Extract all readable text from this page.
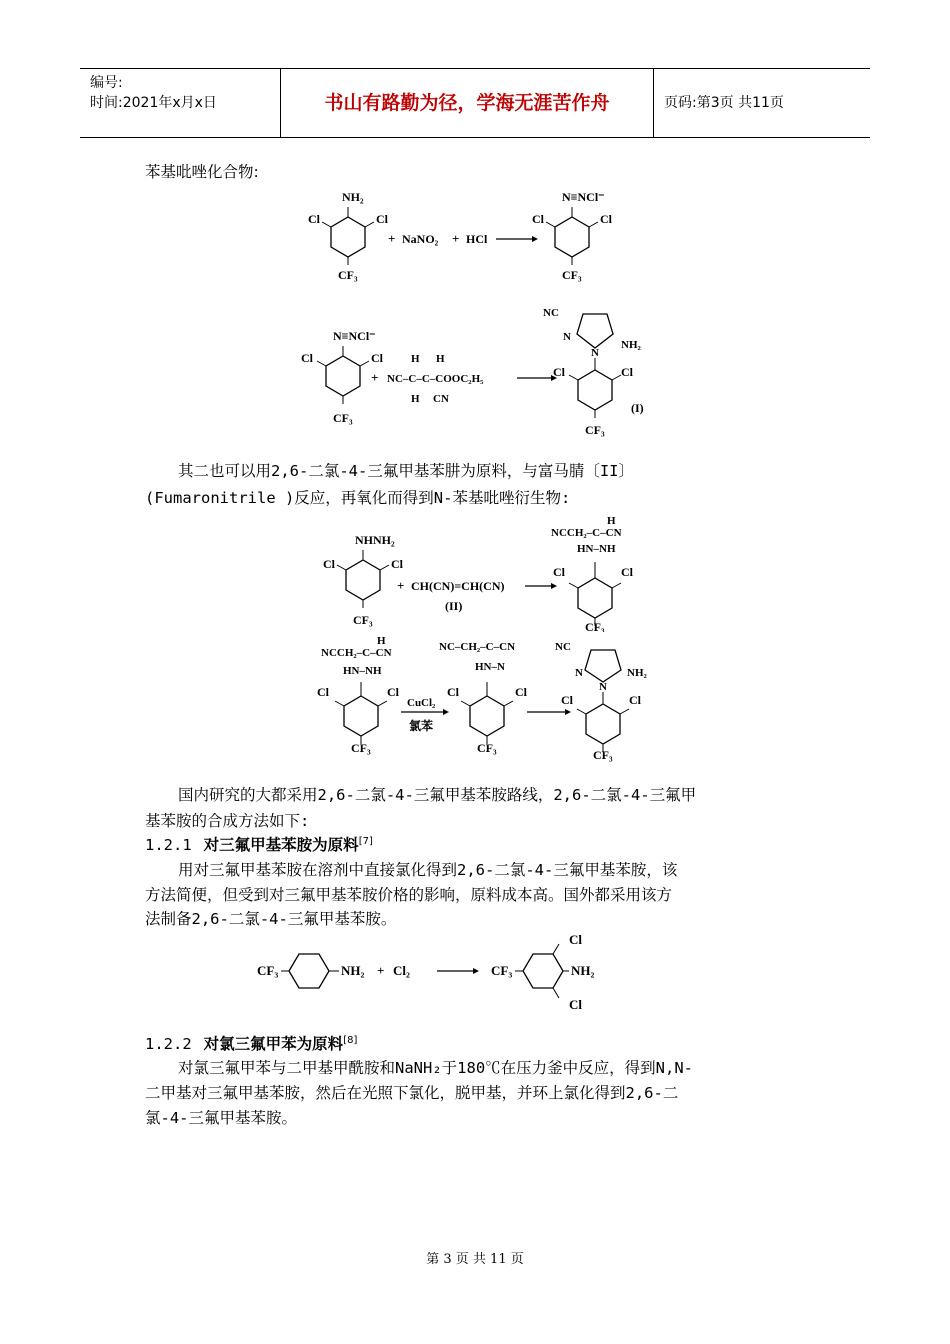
编号:
时间:2021年x月x日	书山有路勤为径，学海无涯苦作舟	页码:第3页 共11页
苯基吡唑化合物:
NH₂
Cl	Cl
CF₃
+ NaNO₂ + HCl
N≡NCl⁻
Cl	Cl
CF₃
N≡NCl⁻
Cl	Cl
CF₃
+
H H
NC–C–C–COOC₂H₅
H CN
NC
N
N
NH₂
Cl	Cl
CF₃
(I)
其二也可以用2,6-二氯-4-三氟甲基苯肼为原料，与富马腈〔II〕
(Fumaronitrile )反应，再氧化而得到N-苯基吡唑衍生物:
NHNH₂
Cl	Cl
CF₃
+ CH(CN)=CH(CN)
(II)
H
NCCH₂–C–CN
HN–NH
Cl	Cl
CF₃
H
NCCH₂–C–CN
HN–NH
Cl	Cl
CF₃
CuCl₂
氯苯
NC–CH₂–C–CN
HN–N
Cl	Cl
CF₃
NC
N
N
NH₂
Cl	Cl
CF₃
国内研究的大都采用2,6-二氯-4-三氟甲基苯胺路线，2,6-二氯-4-三氟甲
基苯胺的合成方法如下:
1.2.1 对三氟甲基苯胺为原料[7]
用对三氟甲基苯胺在溶剂中直接氯化得到2,6-二氯-4-三氟甲基苯胺，该
方法简便，但受到对三氟甲基苯胺价格的影响，原料成本高。国外都采用该方
法制备2,6-二氯-4-三氟甲基苯胺。
CF₃	NH₂ + Cl₂	CF₃
Cl
NH₂
Cl
1.2.2 对氯三氟甲苯为原料[8]
对氯三氟甲苯与二甲基甲酰胺和NaNH₂于180℃在压力釜中反应，得到N,N-
二甲基对三氟甲基苯胺，然后在光照下氯化，脱甲基，并环上氯化得到2,6-二
氯-4-三氟甲基苯胺。
第 3 页 共 11 页
